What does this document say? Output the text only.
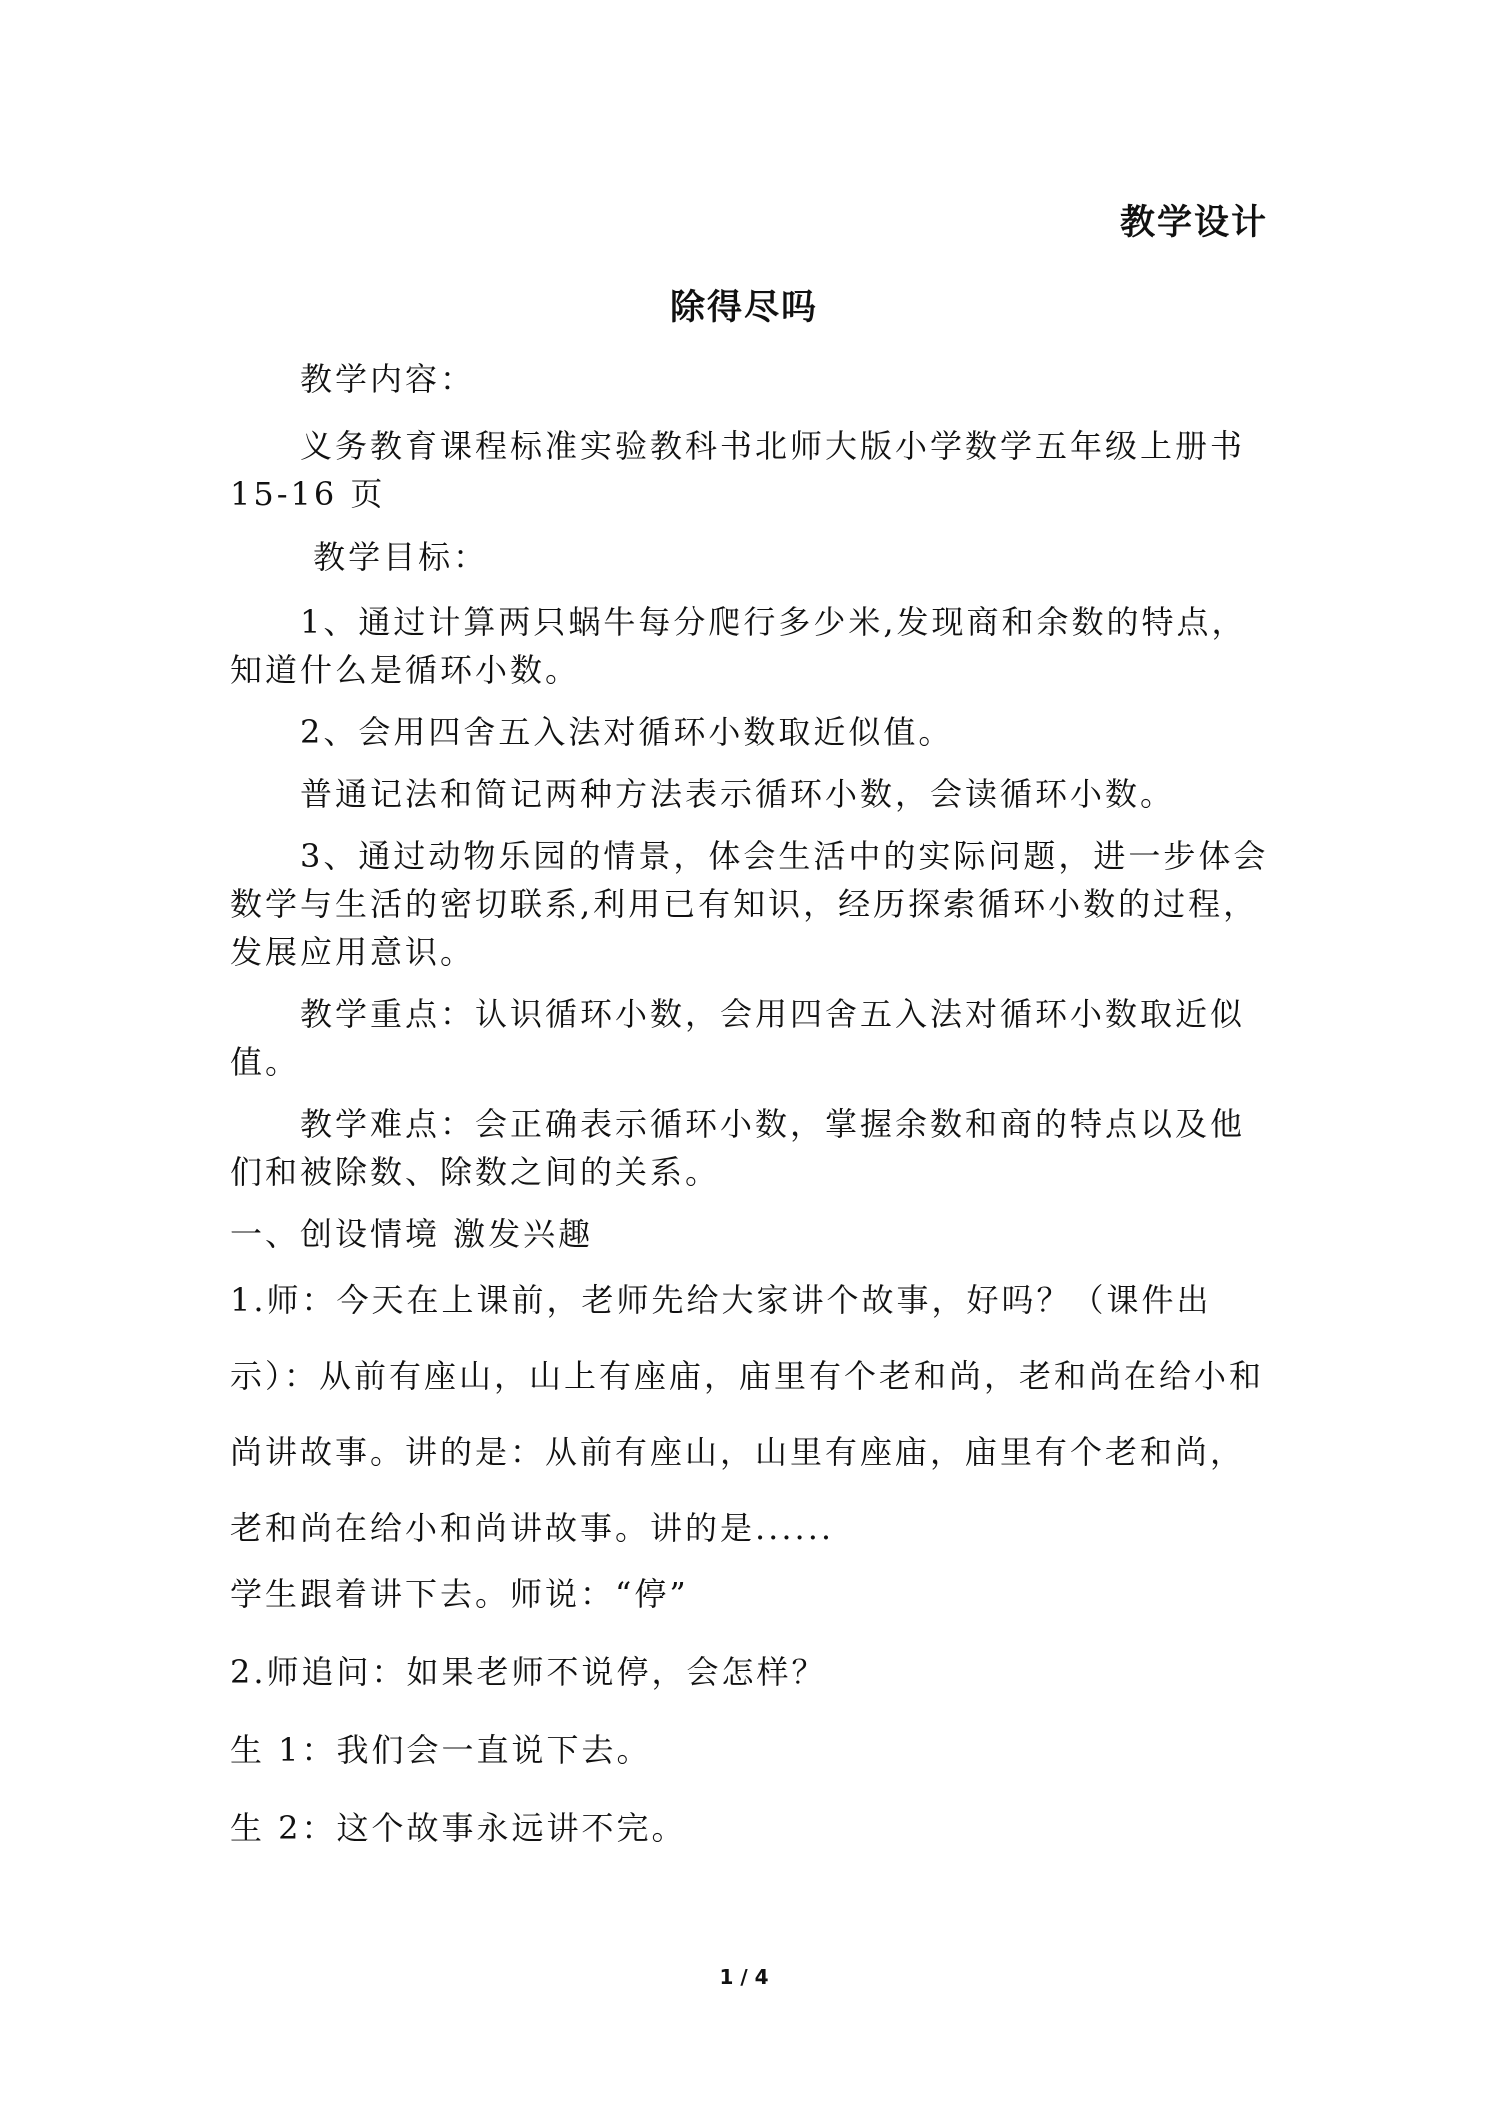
教学设计
除得尽吗
　　教学内容：
　　义务教育课程标准实验教科书北师大版小学数学五年级上册书 15-16 页
　　 教学目标：
　　1、通过计算两只蜗牛每分爬行多少米,发现商和余数的特点，知道什么是循环小数。
　　2、会用四舍五入法对循环小数取近似值。
　　普通记法和简记两种方法表示循环小数，会读循环小数。
　　3、通过动物乐园的情景，体会生活中的实际问题，进一步体会数学与生活的密切联系,利用已有知识，经历探索循环小数的过程，发展应用意识。
　　教学重点：认识循环小数，会用四舍五入法对循环小数取近似值。
　　教学难点：会正确表示循环小数，掌握余数和商的特点以及他们和被除数、除数之间的关系。
一、创设情境 激发兴趣
1.师：今天在上课前，老师先给大家讲个故事，好吗？（课件出示）：从前有座山，山上有座庙，庙里有个老和尚，老和尚在给小和尚讲故事。讲的是：从前有座山，山里有座庙，庙里有个老和尚，老和尚在给小和尚讲故事。讲的是......
学生跟着讲下去。师说：“停”
2.师追问：如果老师不说停，会怎样？
生 1：我们会一直说下去。
生 2：这个故事永远讲不完。
1 / 4
